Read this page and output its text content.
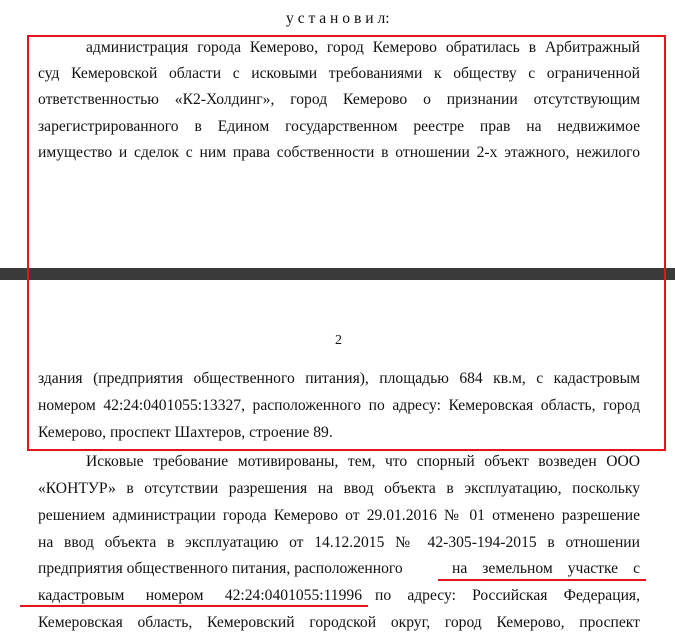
у с т а н о в и л:
администрация города Кемерово, город Кемерово обратилась в Арбитражный
суд Кемеровской области с исковыми требованиями к обществу с ограниченной
ответственностью «К2-Холдинг», город Кемерово о признании отсутствующим
зарегистрированного в Едином государственном реестре прав на недвижимое
имущество и сделок с ним права собственности в отношении 2-х этажного, нежилого
2
здания (предприятия общественного питания), площадью 684 кв.м, с кадастровым
номером 42:24:0401055:13327, расположенного по адресу: Кемеровская область, город
Кемерово, проспект Шахтеров, строение 89.
Исковые требование мотивированы, тем, что спорный объект возведен ООО
«КОНТУР» в отсутствии разрешения на ввод объекта в эксплуатацию, поскольку
решением администрации города Кемерово от 29.01.2016 № 01 отменено разрешение
на ввод объекта в эксплуатацию от 14.12.2015 № 42-305-194-2015 в отношении
предприятия общественного питания, расположенного	на земельном участке с
кадастровым номером 42:24:0401055:11996 по адресу: Российская Федерация,
Кемеровская область, Кемеровский городской округ, город Кемерово, проспект
